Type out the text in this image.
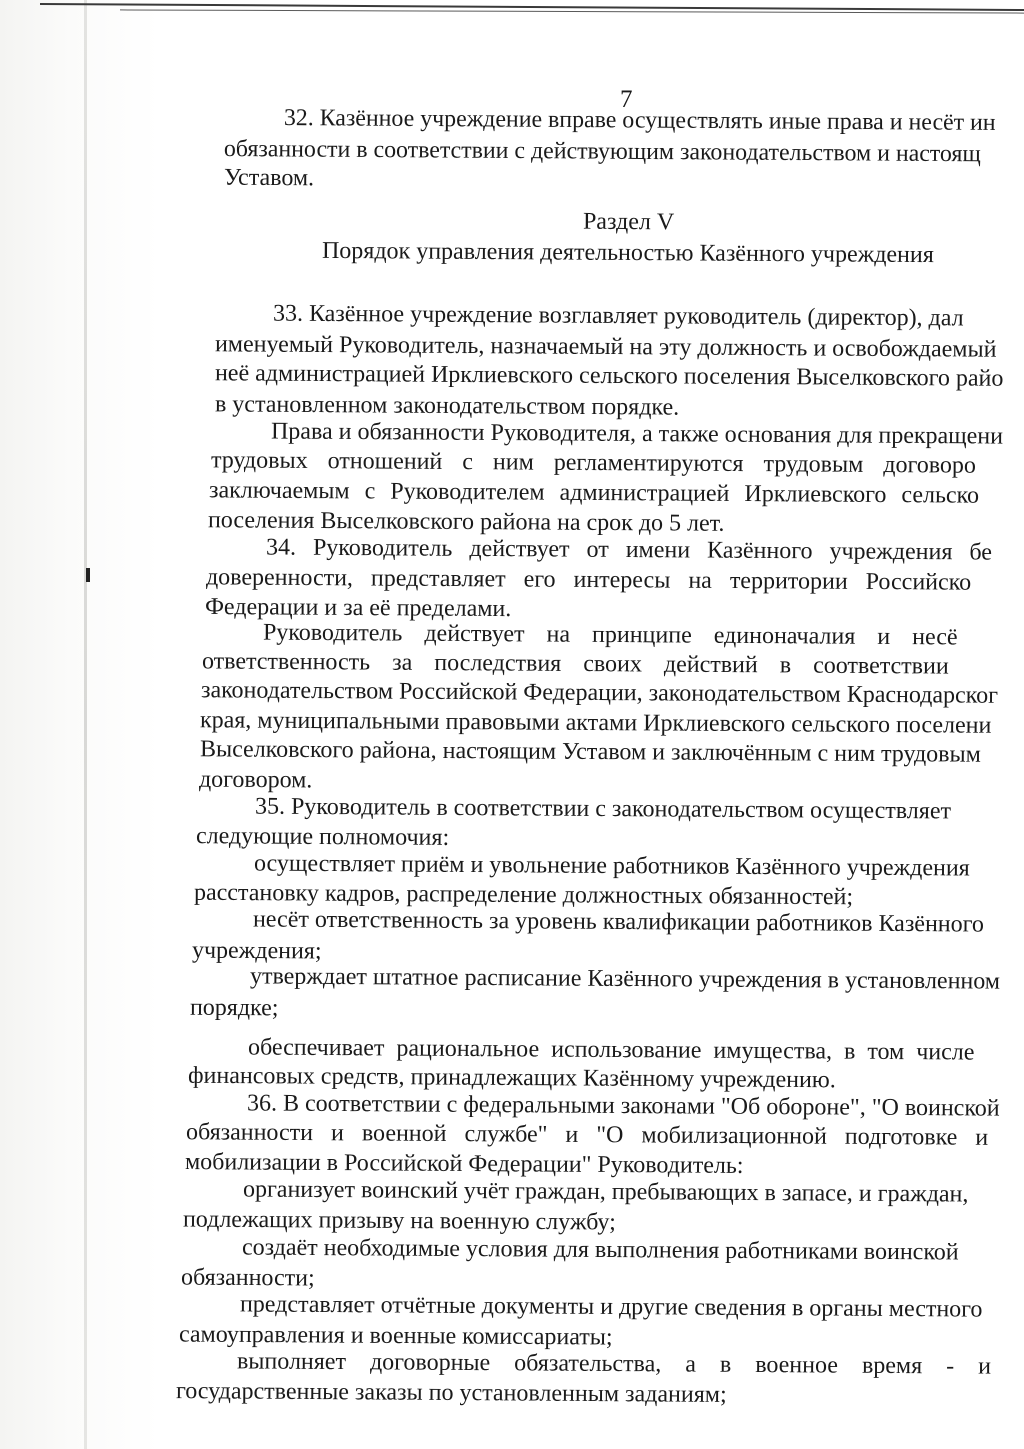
7
32. Казённое учреждение вправе осуществлять иные права и несёт ин
обязанности в соответствии с действующим законодательством и настоящ
Уставом.
Раздел V
Порядок управления деятельностью Казённого учреждения
33. Казённое учреждение возглавляет руководитель (директор), дал
именуемый Руководитель, назначаемый на эту должность и освобождаемый
неё администрацией Ирклиевского сельского поселения Выселковского райо
в установленном законодательством порядке.
Права и обязанности Руководителя, а также основания для прекращени
трудовых отношений с ним регламентируются трудовым договоро
заключаемым с Руководителем администрацией Ирклиевского сельско
поселения Выселковского района на срок до 5 лет.
34. Руководитель действует от имени Казённого учреждения бе
доверенности, представляет его интересы на территории Российско
Федерации и за её пределами.
Руководитель действует на принципе единоначалия и несё
ответственность за последствия своих действий в соответствии
законодательством Российской Федерации, законодательством Краснодарског
края, муниципальными правовыми актами Ирклиевского сельского поселени
Выселковского района, настоящим Уставом и заключённым с ним трудовым
договором.
35. Руководитель в соответствии с законодательством осуществляет
следующие полномочия:
осуществляет приём и увольнение работников Казённого учреждения
расстановку кадров, распределение должностных обязанностей;
несёт ответственность за уровень квалификации работников Казённого
учреждения;
утверждает штатное расписание Казённого учреждения в установленном
порядке;
обеспечивает рациональное использование имущества, в том числе
финансовых средств, принадлежащих Казённому учреждению.
36. В соответствии с федеральными законами "Об обороне", "О воинской
обязанности и военной службе" и "О мобилизационной подготовке и
мобилизации в Российской Федерации" Руководитель:
организует воинский учёт граждан, пребывающих в запасе, и граждан,
подлежащих призыву на военную службу;
создаёт необходимые условия для выполнения работниками воинской
обязанности;
представляет отчётные документы и другие сведения в органы местного
самоуправления и военные комиссариаты;
выполняет договорные обязательства, а в военное время - и
государственные заказы по установленным заданиям;
